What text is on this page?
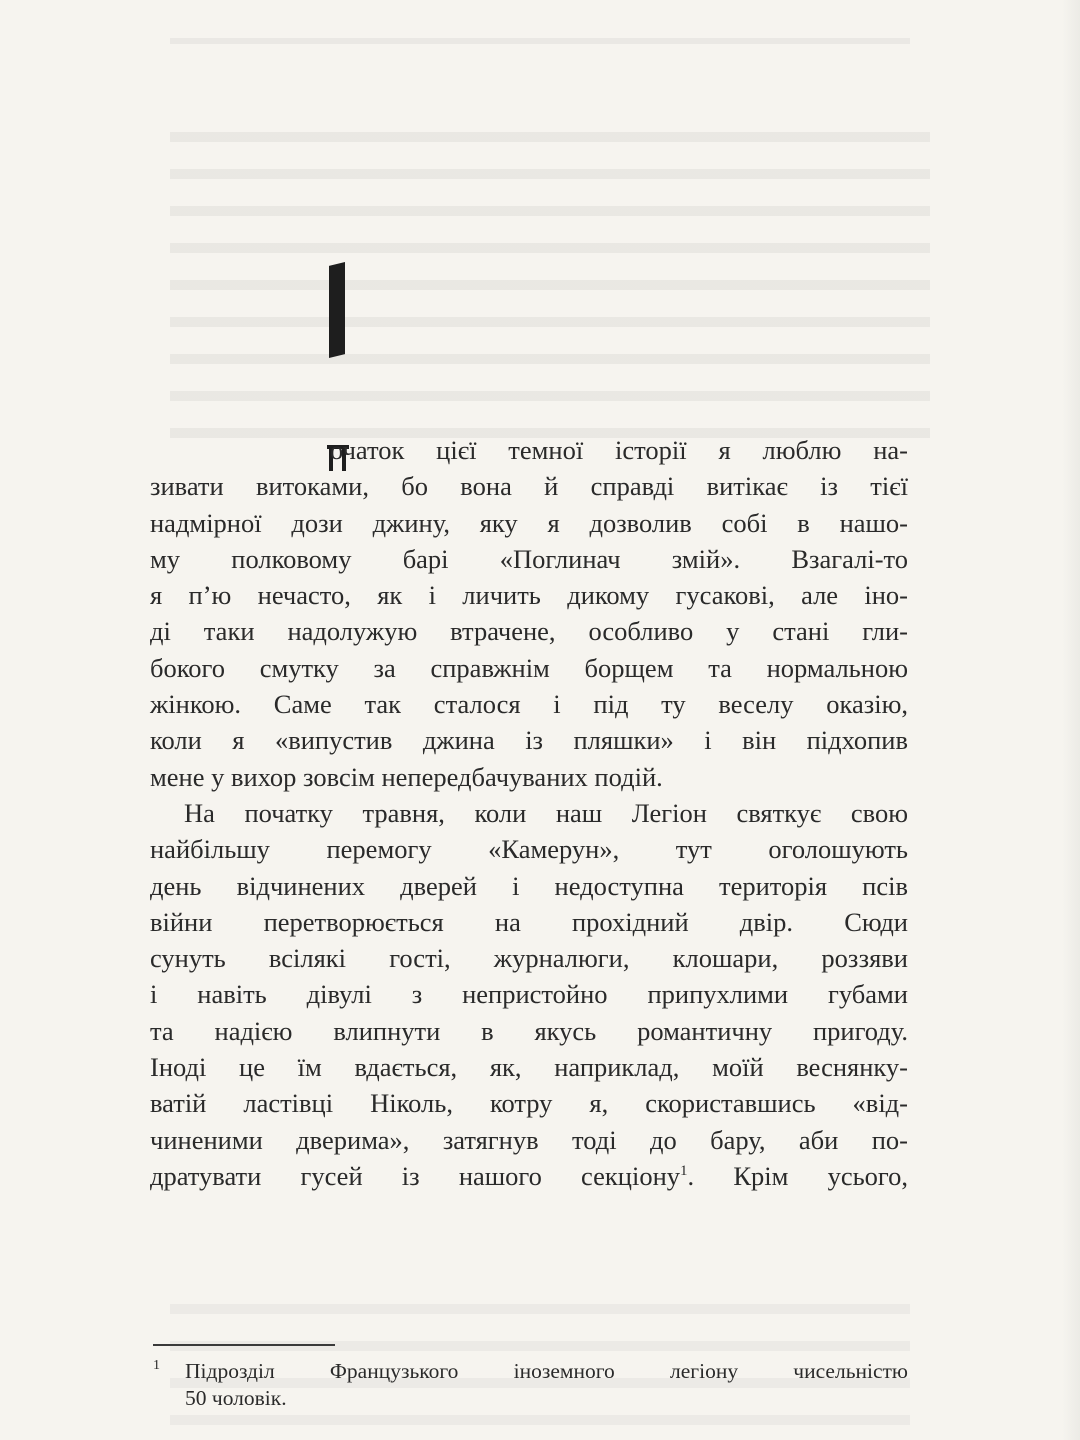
очаток цієї темної історії я люблю на-
зивати витоками, бо вона й справді витікає із тієї
надмірної дози джину, яку я дозволив собі в нашо-
му полковому барі «Поглинач змій». Взагалі-то
я п’ю нечасто, як і личить дикому гусакові, але іно-
ді таки надолужую втрачене, особливо у стані гли-
бокого смутку за справжнім борщем та нормальною
жінкою. Саме так сталося і під ту веселу оказію,
коли я «випустив джина із пляшки» і він підхопив
мене у вихор зовсім непередбачуваних подій.
На початку травня, коли наш Легіон святкує свою
найбільшу перемогу «Камерун», тут оголошують
день відчинених дверей і недоступна територія псів
війни перетворюється на прохідний двір. Сюди
сунуть всілякі гості, журналюги, клошари, роззяви
і навіть дівулі з непристойно припухлими губами
та надією влипнути в якусь романтичну пригоду.
Іноді це їм вдається, як, наприклад, моїй веснянку-
ватій ластівці Ніколь, котру я, скориставшись «від-
чиненими дверима», затягнув тоді до бару, аби по-
дратувати гусей із нашого секціону$^1$. Крім усього,
1 Підрозділ Французького іноземного легіону чисельністю
50 чоловік.
